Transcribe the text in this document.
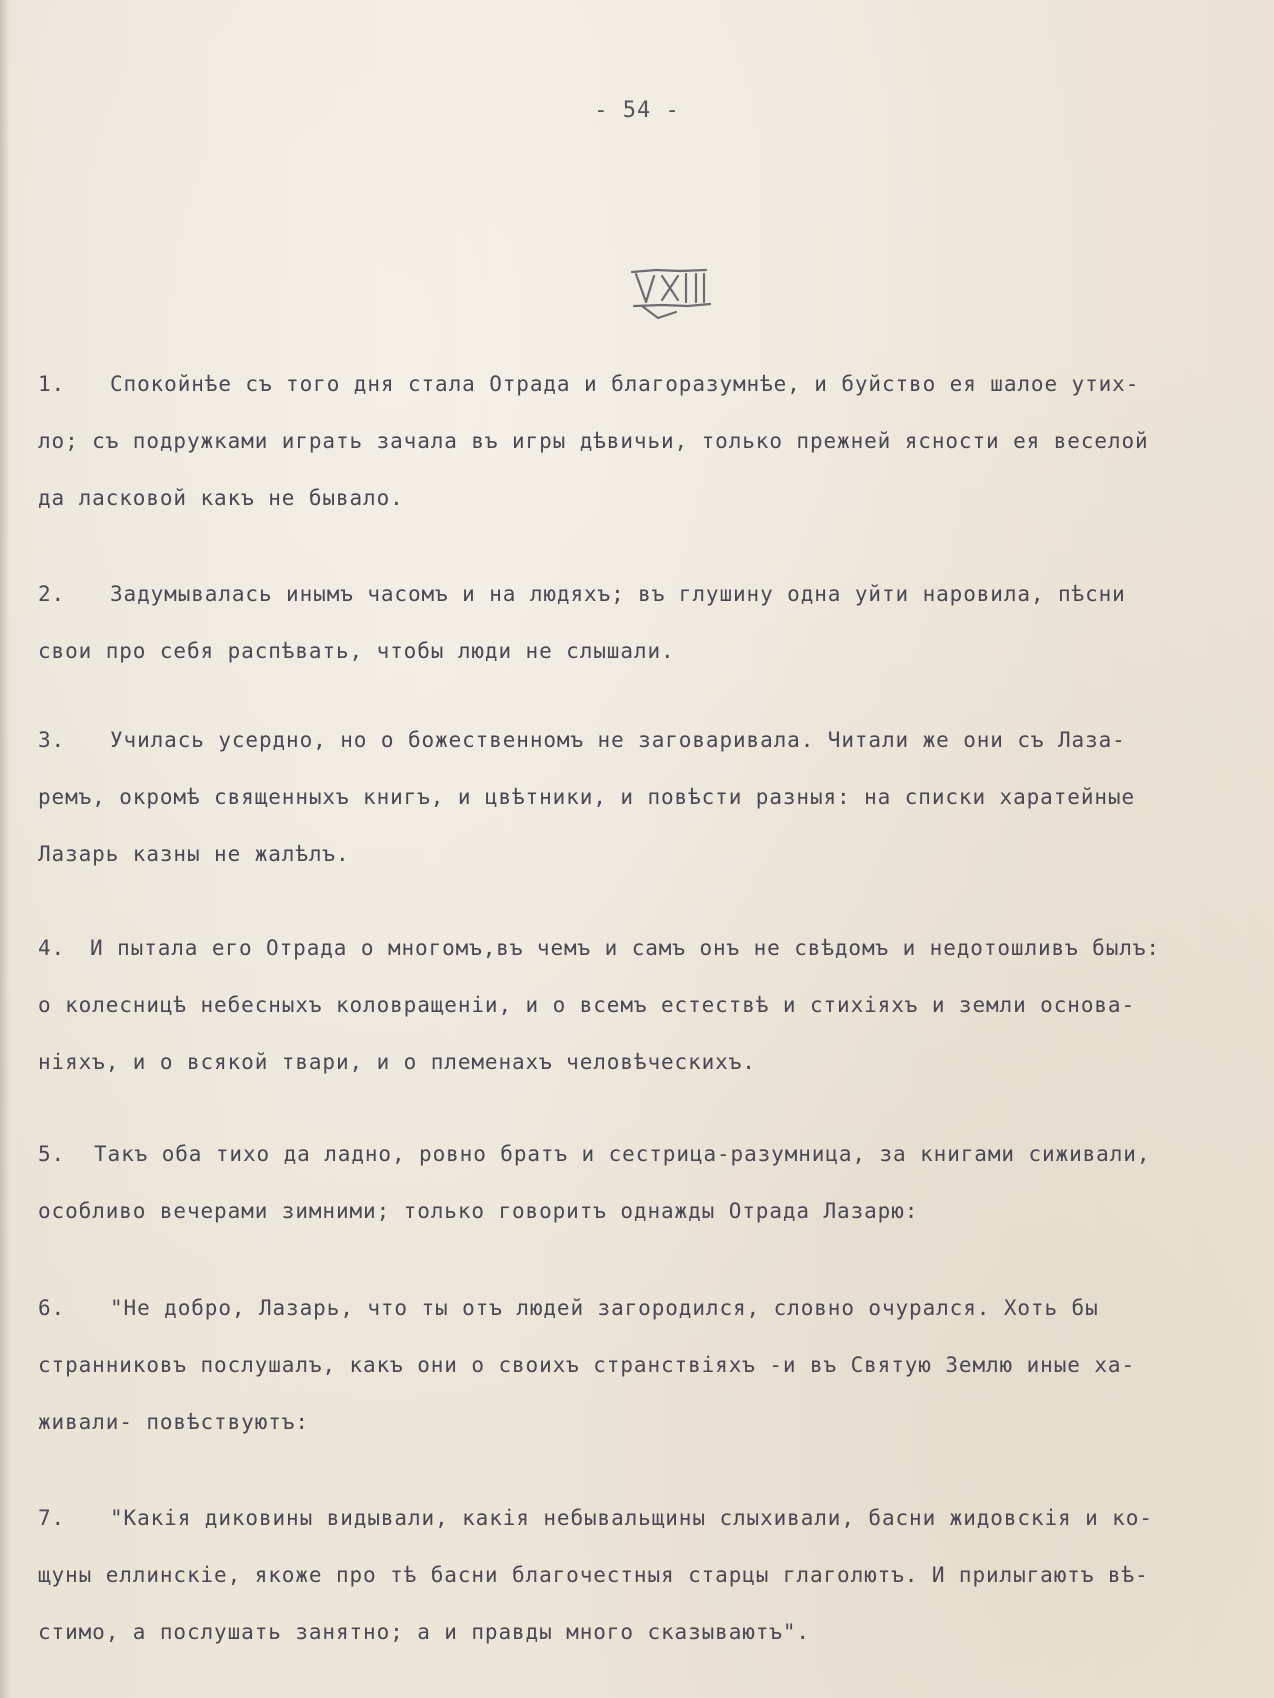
- 54 -
XIII
1. Спокойнѣе съ того дня стала Отрада и благоразумнѣе, и буйство ея шалое утих-
ло; съ подружками играть зачала въ игры дѣвичьи, только прежней ясности ея веселой
да ласковой какъ не бывало.
2. Задумывалась инымъ часомъ и на людяхъ; въ глушину одна уйти наровила, пѣсни
свои про себя распѣвать, чтобы люди не слышали.
3. Училась усердно, но о божественномъ не заговаривала. Читали же они съ Лаза-
ремъ, окромѣ священныхъ книгъ, и цвѣтники, и повѣсти разныя: на списки харатейные
Лазарь казны не жалѣлъ.
4. И пытала его Отрада о многомъ,въ чемъ и самъ онъ не свѣдомъ и недотошливъ былъ:
о колесницѣ небесныхъ коловращеніи, и о всемъ естествѣ и стихіяхъ и земли основа-
ніяхъ, и о всякой твари, и о племенахъ человѣческихъ.
5. Такъ оба тихо да ладно, ровно братъ и сестрица-разумница, за книгами сиживали,
особливо вечерами зимними; только говоритъ однажды Отрада Лазарю:
6. "Не добро, Лазарь, что ты отъ людей загородился, словно очурался. Хоть бы
странниковъ послушалъ, какъ они о своихъ странствіяхъ -и въ Святую Землю иные ха-
живали- повѣствуютъ:
7. "Какія диковины видывали, какія небывальщины слыхивали, басни жидовскія и ко-
щуны еллинскіе, якоже про тѣ басни благочестныя старцы глаголютъ. И прилыгаютъ вѣ-
стимо, а послушать занятно; а и правды много сказываютъ".
